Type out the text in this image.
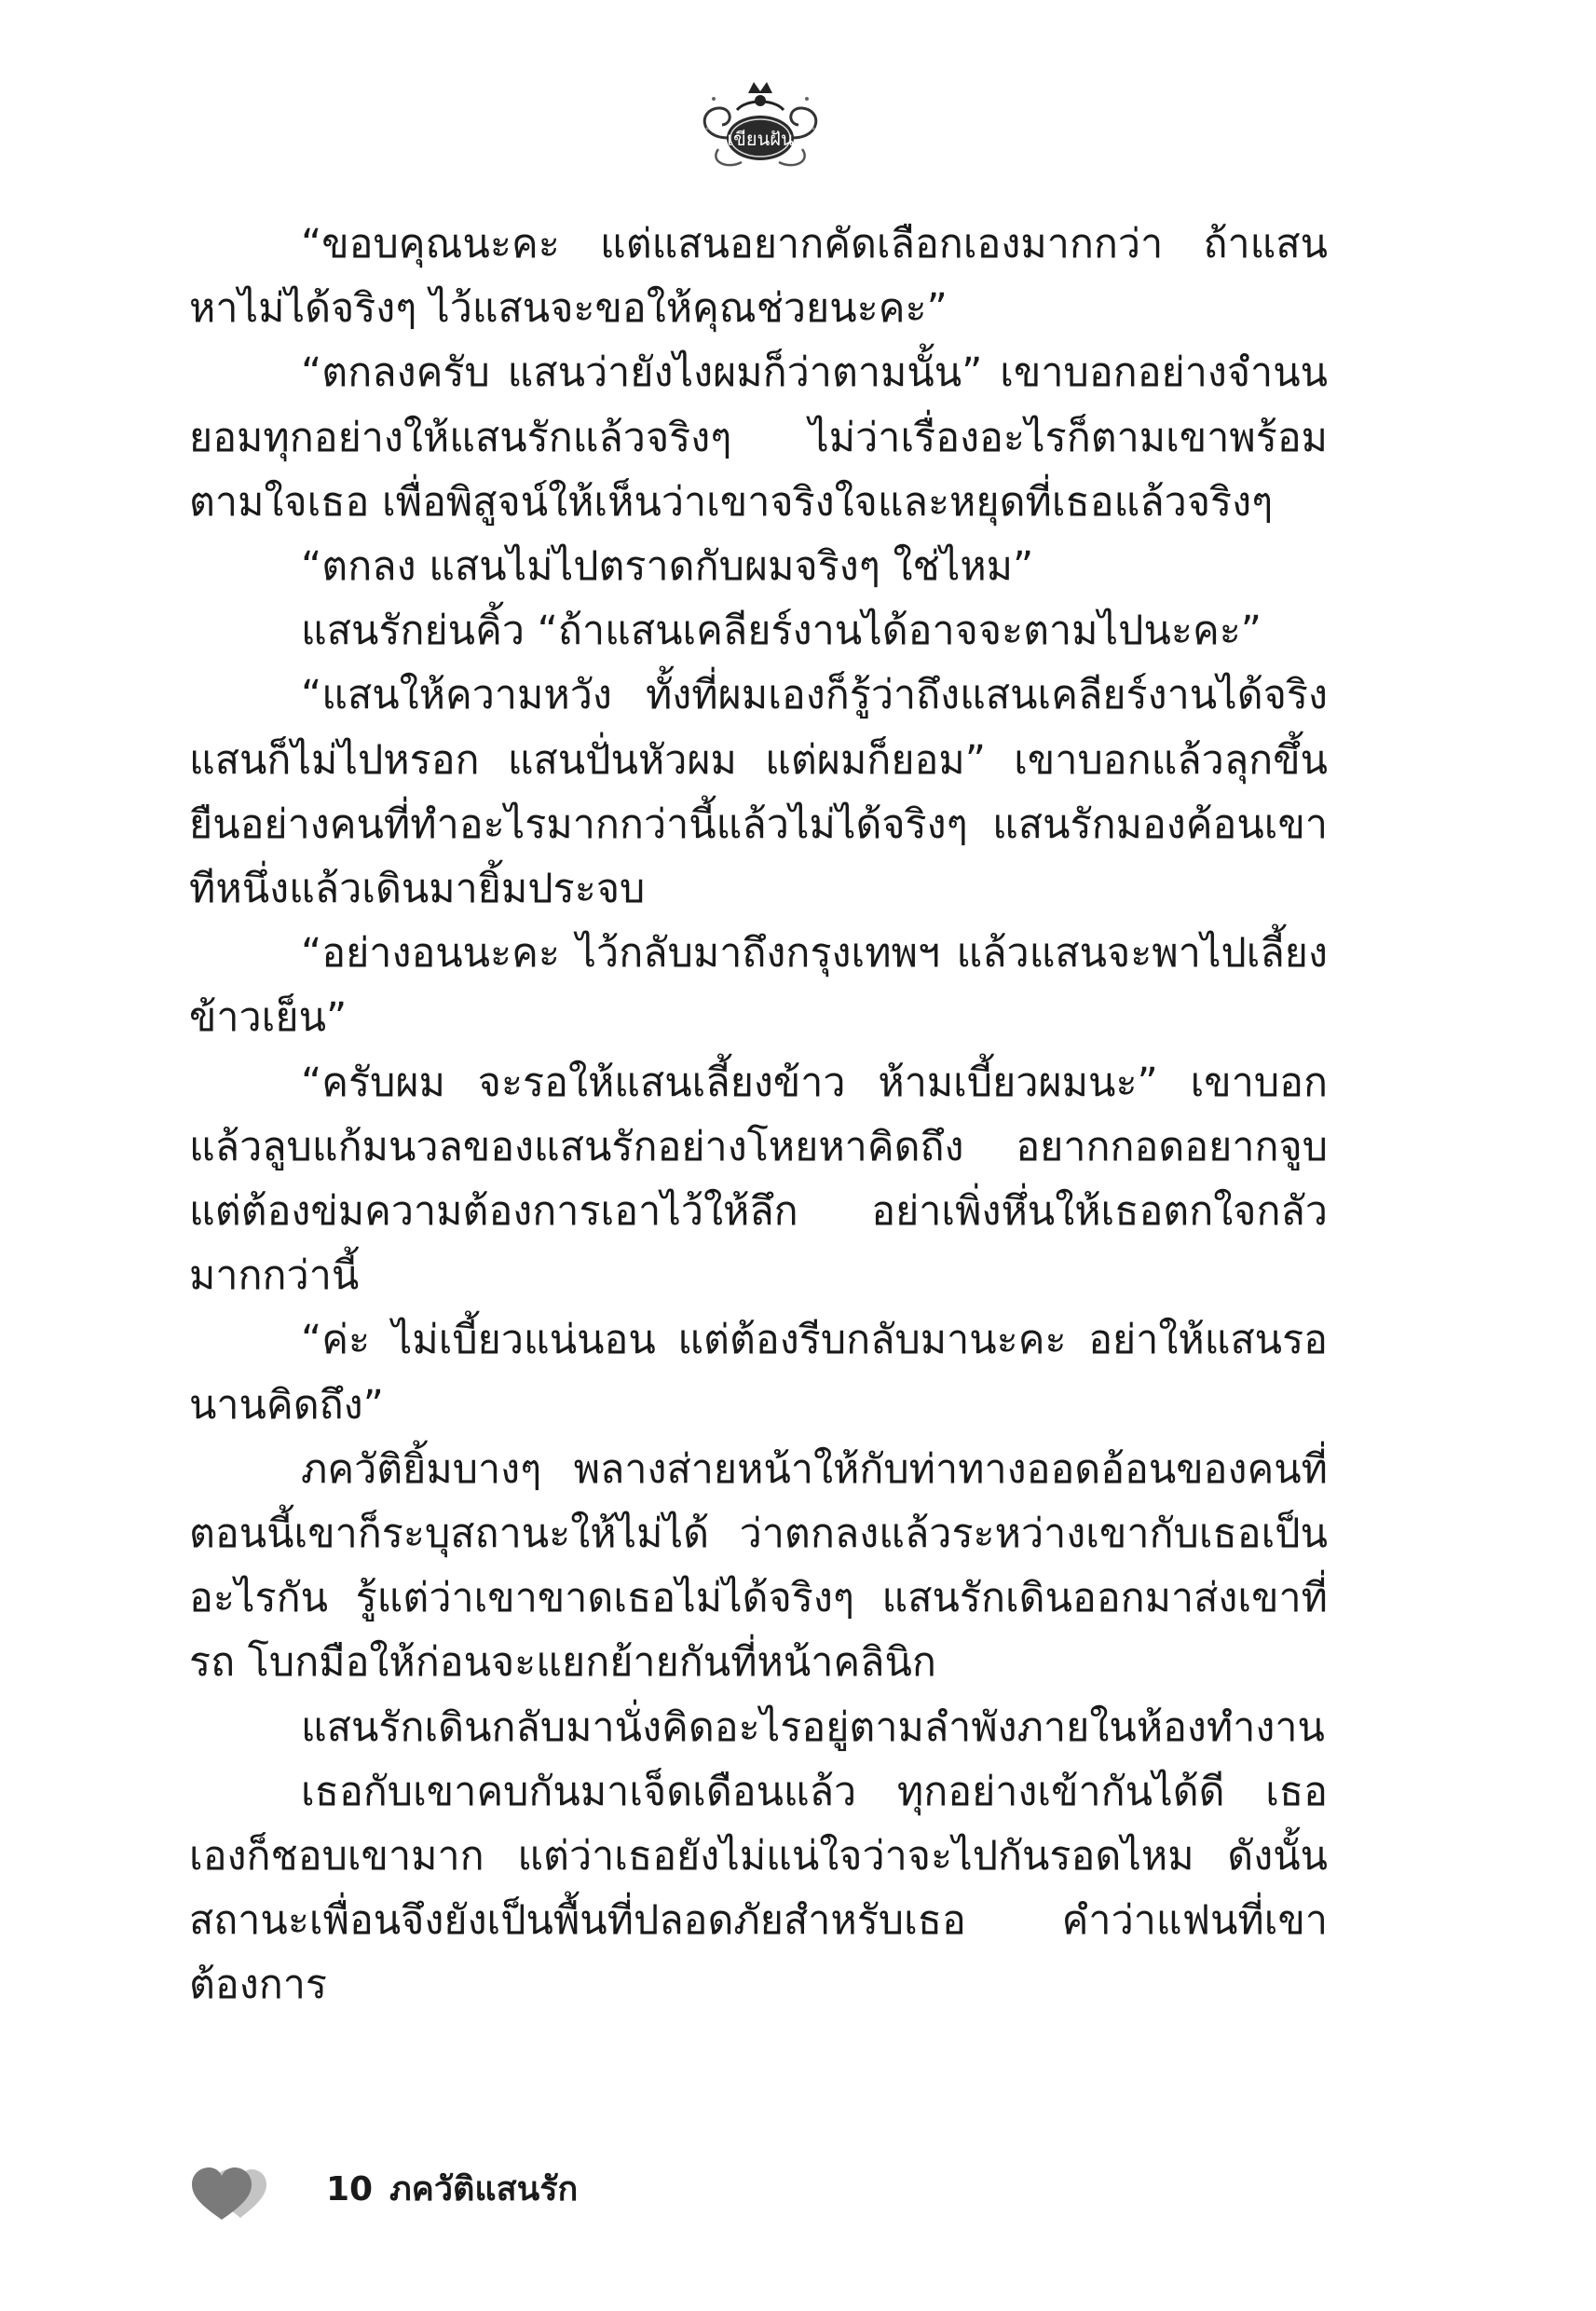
เขียนฝัน

“ขอบคุณนะคะ แต่แสนอยากคัดเลือกเองมากกว่า ถ้าแสนหาไม่ได้จริงๆ ไว้แสนจะขอให้คุณช่วยนะคะ”

“ตกลงครับ แสนว่ายังไงผมก็ว่าตามนั้น” เขาบอกอย่างจำนนยอมทุกอย่างให้แสนรักแล้วจริงๆ ไม่ว่าเรื่องอะไรก็ตามเขาพร้อมตามใจเธอ เพื่อพิสูจน์ให้เห็นว่าเขาจริงใจและหยุดที่เธอแล้วจริงๆ

“ตกลง แสนไม่ไปตราดกับผมจริงๆ ใช่ไหม”

แสนรักย่นคิ้ว “ถ้าแสนเคลียร์งานได้อาจจะตามไปนะคะ”

“แสนให้ความหวัง ทั้งที่ผมเองก็รู้ว่าถึงแสนเคลียร์งานได้จริงแสนก็ไม่ไปหรอก แสนปั่นหัวผม แต่ผมก็ยอม” เขาบอกแล้วลุกขึ้นยืนอย่างคนที่ทำอะไรมากกว่านี้แล้วไม่ได้จริงๆ แสนรักมองค้อนเขาทีหนึ่งแล้วเดินมายิ้มประจบ

“อย่างอนนะคะ ไว้กลับมาถึงกรุงเทพฯ แล้วแสนจะพาไปเลี้ยงข้าวเย็น”

“ครับผม จะรอให้แสนเลี้ยงข้าว ห้ามเบี้ยวผมนะ” เขาบอกแล้วลูบแก้มนวลของแสนรักอย่างโหยหาคิดถึง อยากกอดอยากจูบแต่ต้องข่มความต้องการเอาไว้ให้ลึก อย่าเพิ่งหึ่นให้เธอตกใจกลัวมากกว่านี้

“ค่ะ ไม่เบี้ยวแน่นอน แต่ต้องรีบกลับมานะคะ อย่าให้แสนรอนานคิดถึง”

ภควัติยิ้มบางๆ พลางส่ายหน้าให้กับท่าทางออดอ้อนของคนที่ตอนนี้เขาก็ระบุสถานะให้ไม่ได้ ว่าตกลงแล้วระหว่างเขากับเธอเป็นอะไรกัน รู้แต่ว่าเขาขาดเธอไม่ได้จริงๆ แสนรักเดินออกมาส่งเขาที่รถ โบกมือให้ก่อนจะแยกย้ายกันที่หน้าคลินิก

แสนรักเดินกลับมานั่งคิดอะไรอยู่ตามลำพังภายในห้องทำงาน

เธอกับเขาคบกันมาเจ็ดเดือนแล้ว ทุกอย่างเข้ากันได้ดี เธอเองก็ชอบเขามาก แต่ว่าเธอยังไม่แน่ใจว่าจะไปกันรอดไหม ดังนั้นสถานะเพื่อนจึงยังเป็นพื้นที่ปลอดภัยสำหรับเธอ คำว่าแฟนที่เขาต้องการ

10 ภควัติแสนรัก
